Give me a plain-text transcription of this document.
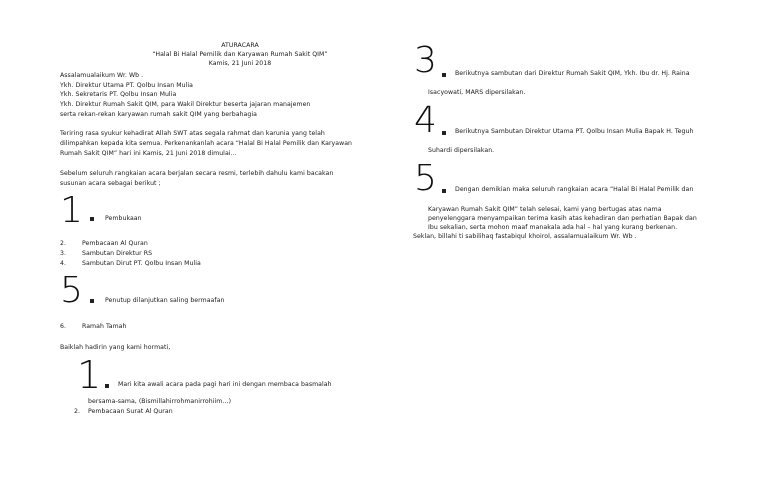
ATURACARA
“Halal Bi Halal Pemilik dan Karyawan Rumah Sakit QIM”
Kamis, 21 Juni 2018
Assalamualaikum Wr. Wb .
Ykh. Direktur Utama PT. Qolbu Insan Mulia
Ykh. Sekretaris PT. Qolbu Insan Mulia
Ykh. Direktur Rumah Sakit QIM, para Wakil Direktur beserta jajaran manajemen
serta rekan-rekan karyawan rumah sakit QIM yang berbahagia
Teriring rasa syukur kehadirat Allah SWT atas segala rahmat dan karunia yang telah
dilimpahkan kepada kita semua. Perkenankanlah acara “Halal Bi Halal Pemilik dan Karyawan
Rumah Sakit QIM” hari ini Kamis, 21 Juni 2018 dimulai…
Sebelum seluruh rangkaian acara berjalan secara resmi, terlebih dahulu kami bacakan
susunan acara sebagai berikut ;
1	Pembukaan
2.	Pembacaan Al Quran
3.	Sambutan Direktur RS
4.	Sambutan Dirut PT. Qolbu Insan Mulia
5	Penutup dilanjutkan saling bermaafan
6.	Ramah Tamah
Baiklah hadirin yang kami hormati,
1	Mari kita awali acara pada pagi hari ini dengan membaca basmalah
bersama-sama, (Bismillahirrohmanirrohiim…)
2. Pembacaan Surat Al Quran
3	Berikutnya sambutan dari Direktur Rumah Sakit QIM, Ykh. Ibu dr. Hj. Raina
Isacyowati, MARS dipersilakan.
4	Berikutnya Sambutan Direktur Utama PT. Qolbu Insan Mulia Bapak H. Teguh
Suhardi dipersilakan.
5	Dengan demikian maka seluruh rangkaian acara “Halal Bi Halal Pemilik dan
Karyawan Rumah Sakit QIM” telah selesai, kami yang bertugas atas nama
penyelenggara menyampaikan terima kasih atas kehadiran dan perhatian Bapak dan
Ibu sekalian, serta mohon maaf manakala ada hal – hal yang kurang berkenan.
Seklan, billahi ti sabilihaq fastabiqul khoirol, assalamualaikum Wr. Wb .
